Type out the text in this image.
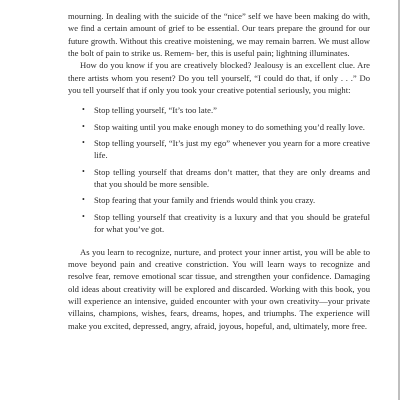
mourning. In dealing with the suicide of the “nice” self we have been making do with, we find a certain amount of grief to be essential. Our tears prepare the ground for our future growth. Without this creative moistening, we may remain barren. We must allow the bolt of pain to strike us. Remem- ber, this is useful pain; lightning illuminates.

How do you know if you are creatively blocked? Jealousy is an excellent clue. Are there artists whom you resent? Do you tell yourself, “I could do that, if only . . .” Do you tell yourself that if only you took your creative potential seriously, you might:

• Stop telling yourself, “It’s too late.”
• Stop waiting until you make enough money to do something you’d really love.
• Stop telling yourself, “It’s just my ego” whenever you yearn for a more creative life.
• Stop telling yourself that dreams don’t matter, that they are only dreams and that you should be more sensible.
• Stop fearing that your family and friends would think you crazy.
• Stop telling yourself that creativity is a luxury and that you should be grateful for what you’ve got.

As you learn to recognize, nurture, and protect your inner artist, you will be able to move beyond pain and creative constriction. You will learn ways to recognize and resolve fear, remove emotional scar tissue, and strengthen your confidence. Damaging old ideas about creativity will be explored and discarded. Working with this book, you will experience an intensive, guided encounter with your own creativity—your private villains, champions, wishes, fears, dreams, hopes, and triumphs. The experience will make you excited, depressed, angry, afraid, joyous, hopeful, and, ultimately, more free.
